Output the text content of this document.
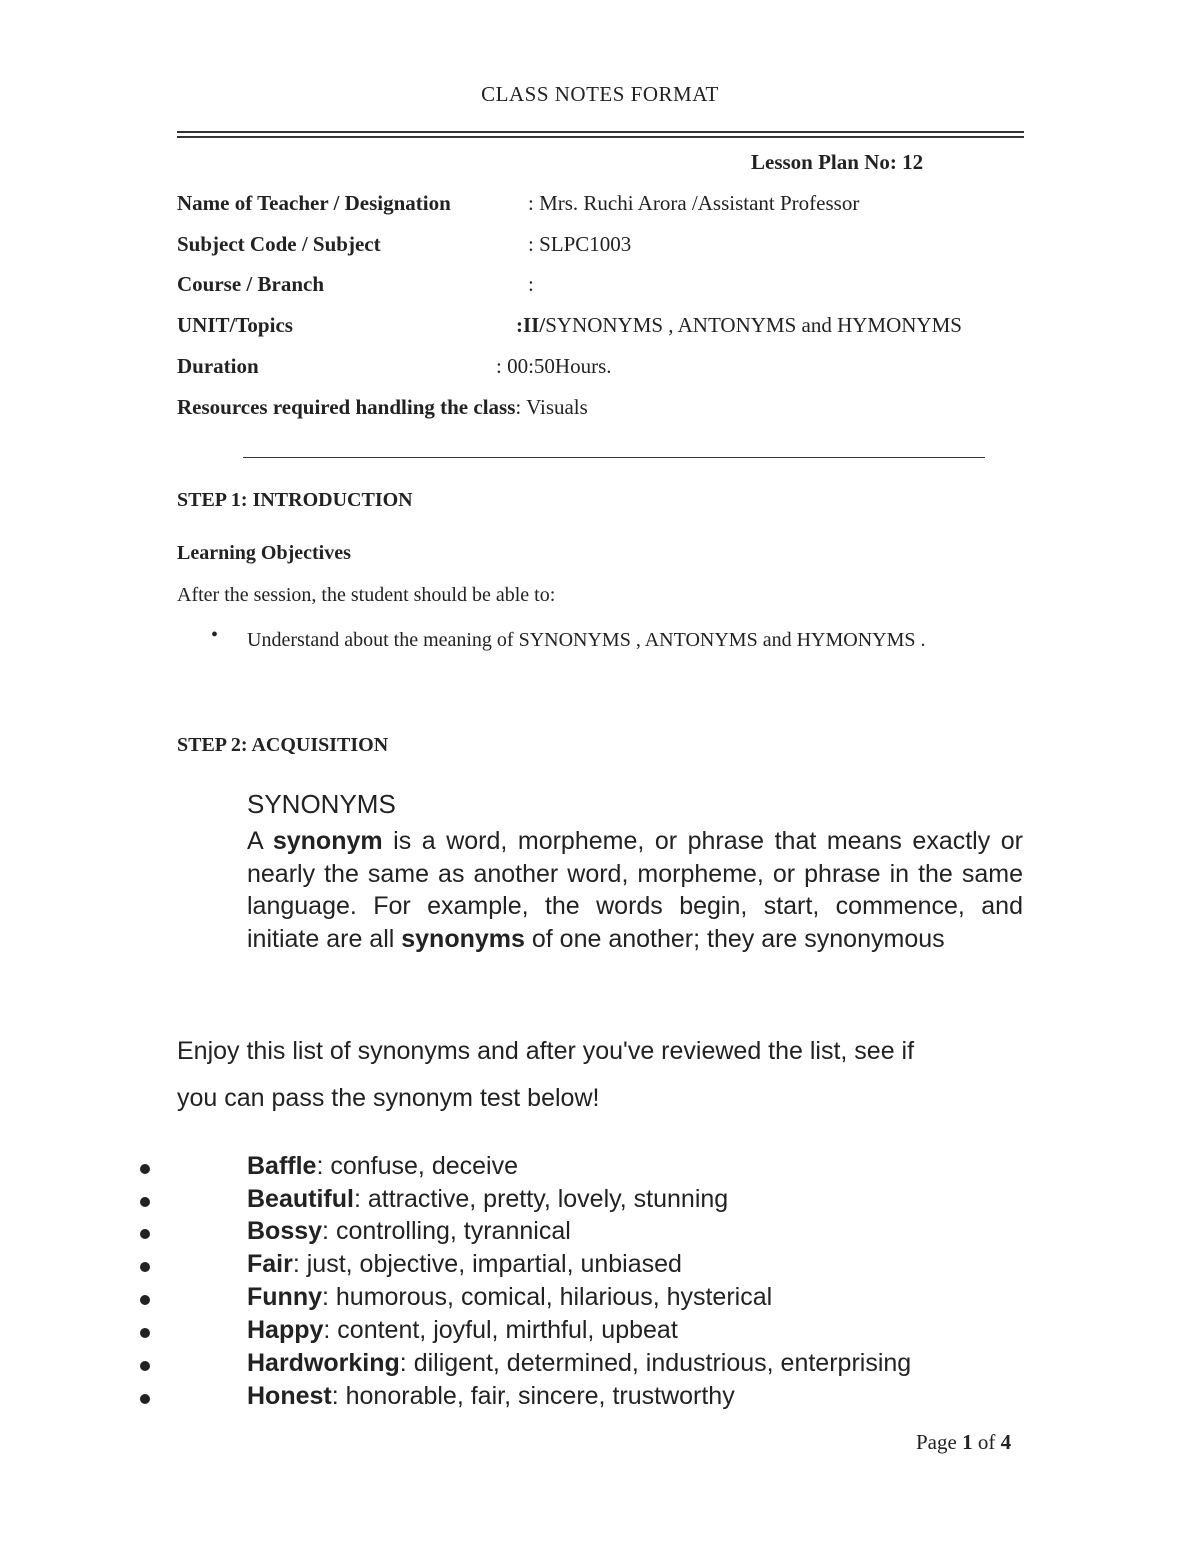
CLASS NOTES FORMAT
Lesson Plan No: 12
Name of Teacher / Designation	: Mrs. Ruchi Arora /Assistant Professor
Subject Code / Subject	: SLPC1003
Course / Branch	:
UNIT/Topics	:II/SYNONYMS , ANTONYMS and HYMONYMS
Duration	: 00:50Hours.
Resources required handling the class: Visuals
STEP 1: INTRODUCTION
Learning Objectives
After the session, the student should be able to:
• Understand about the meaning of SYNONYMS , ANTONYMS and HYMONYMS .
STEP 2: ACQUISITION
SYNONYMS
A synonym is a word, morpheme, or phrase that means exactly or nearly the same as another word, morpheme, or phrase in the same language. For example, the words begin, start, commence, and initiate are all synonyms of one another; they are synonymous
Enjoy this list of synonyms and after you've reviewed the list, see if
you can pass the synonym test below!
Baffle: confuse, deceive
Beautiful: attractive, pretty, lovely, stunning
Bossy: controlling, tyrannical
Fair: just, objective, impartial, unbiased
Funny: humorous, comical, hilarious, hysterical
Happy: content, joyful, mirthful, upbeat
Hardworking: diligent, determined, industrious, enterprising
Honest: honorable, fair, sincere, trustworthy
Page 1 of 4
